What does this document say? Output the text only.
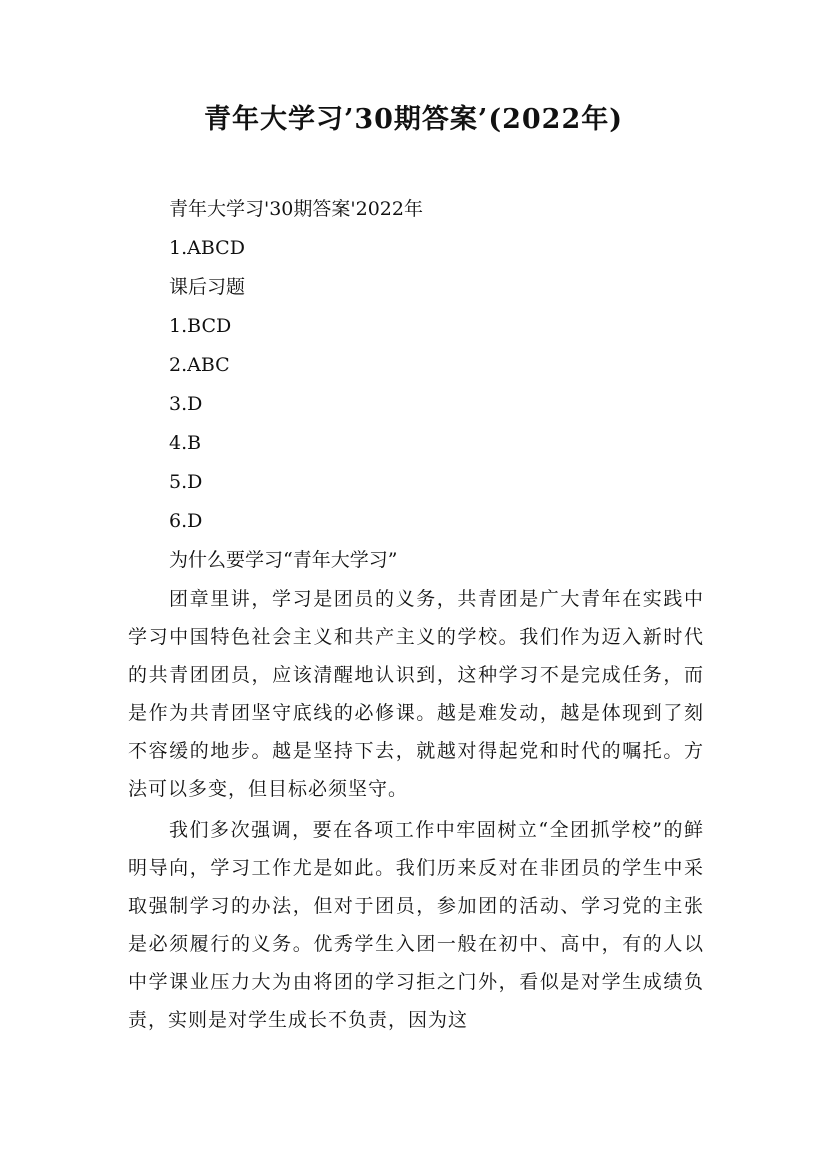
青年大学习’30期答案’(2022年)

青年大学习'30期答案'2022年

1.ABCD

课后习题

1.BCD
2.ABC
3.D
4.B
5.D
6.D

为什么要学习“青年大学习”

团章里讲，学习是团员的义务，共青团是广大青年在实践中学习中国特色社会主义和共产主义的学校。我们作为迈入新时代的共青团团员，应该清醒地认识到，这种学习不是完成任务，而是作为共青团坚守底线的必修课。越是难发动，越是体现到了刻不容缓的地步。越是坚持下去，就越对得起党和时代的嘱托。方法可以多变，但目标必须坚守。

我们多次强调，要在各项工作中牢固树立“全团抓学校”的鲜明导向，学习工作尤是如此。我们历来反对在非团员的学生中采取强制学习的办法，但对于团员，参加团的活动、学习党的主张是必须履行的义务。优秀学生入团一般在初中、高中，有的人以中学课业压力大为由将团的学习拒之门外，看似是对学生成绩负责，实则是对学生成长不负责，因为这
